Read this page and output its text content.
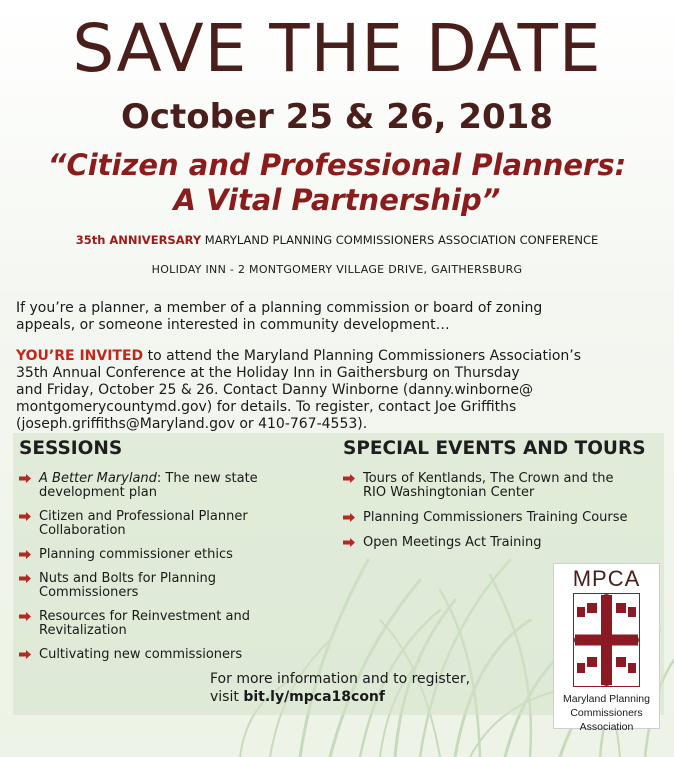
SAVE THE DATE
October 25 & 26, 2018
“Citizen and Professional Planners:
A Vital Partnership”
35th ANNIVERSARY MARYLAND PLANNING COMMISSIONERS ASSOCIATION CONFERENCE
HOLIDAY INN - 2 MONTGOMERY VILLAGE DRIVE, GAITHERSBURG

If you’re a planner, a member of a planning commission or board of zoning
appeals, or someone interested in community development…

YOU’RE INVITED to attend the Maryland Planning Commissioners Association’s
35th Annual Conference at the Holiday Inn in Gaithersburg on Thursday
and Friday, October 25 & 26. Contact Danny Winborne (danny.winborne@
montgomerycountymd.gov) for details. To register, contact Joe Griffiths
(joseph.griffiths@Maryland.gov or 410-767-4553).

SESSIONS
A Better Maryland: The new state
development plan
Citizen and Professional Planner
Collaboration
Planning commissioner ethics
Nuts and Bolts for Planning Commissioners
Resources for Reinvestment and
Revitalization
Cultivating new commissioners
SPECIAL EVENTS AND TOURS
Tours of Kentlands, The Crown and the
RIO Washingtonian Center
Planning Commissioners Training Course
Open Meetings Act Training

For more information and to register,
visit bit.ly/mpca18conf

MPCA
Maryland Planning
Commissioners Association
